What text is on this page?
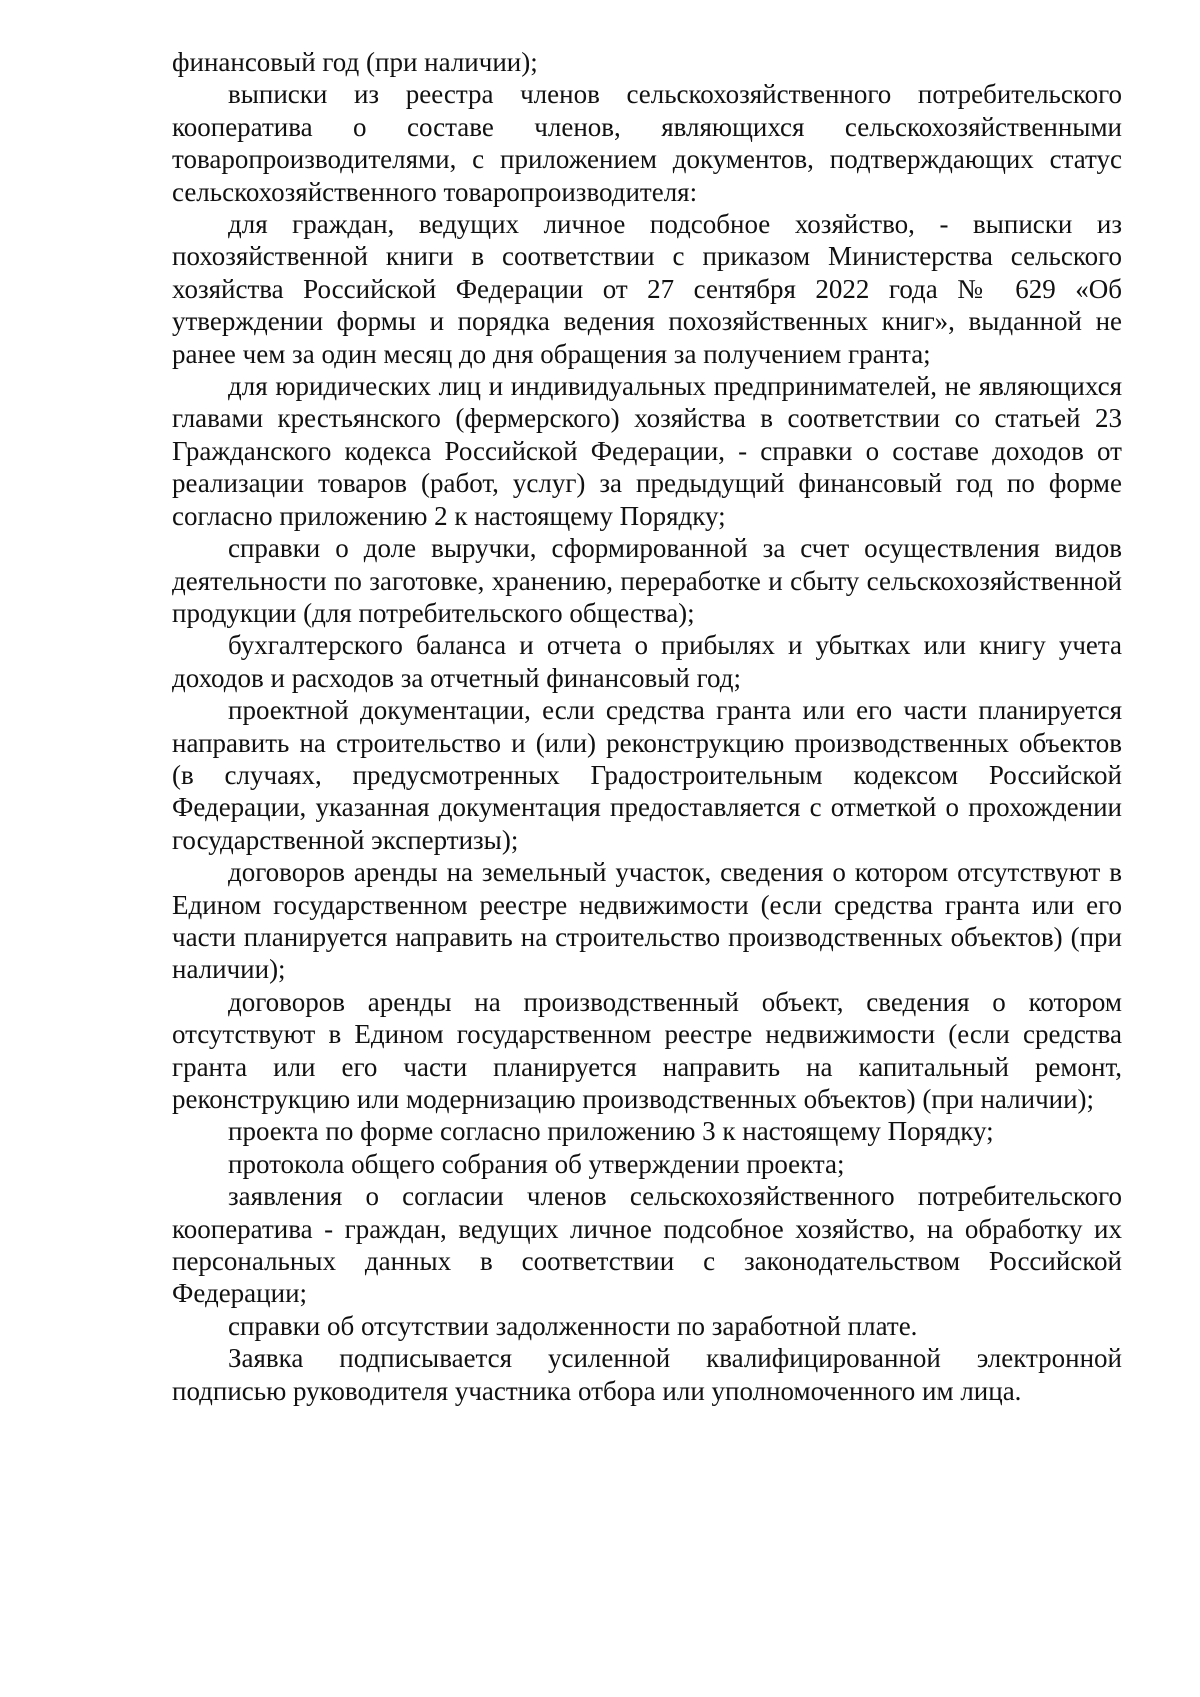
финансовый год (при наличии);

выписки из реестра членов сельскохозяйственного потребительского кооператива о составе членов, являющихся сельскохозяйственными товаропроизводителями, с приложением документов, подтверждающих статус сельскохозяйственного товаропроизводителя:

для граждан, ведущих личное подсобное хозяйство, - выписки из похозяйственной книги в соответствии с приказом Министерства сельского хозяйства Российской Федерации от 27 сентября 2022 года № 629 «Об утверждении формы и порядка ведения похозяйственных книг», выданной не ранее чем за один месяц до дня обращения за получением гранта;

для юридических лиц и индивидуальных предпринимателей, не являющихся главами крестьянского (фермерского) хозяйства в соответствии со статьей 23 Гражданского кодекса Российской Федерации, - справки о составе доходов от реализации товаров (работ, услуг) за предыдущий финансовый год по форме согласно приложению 2 к настоящему Порядку;

справки о доле выручки, сформированной за счет осуществления видов деятельности по заготовке, хранению, переработке и сбыту сельскохозяйственной продукции (для потребительского общества);

бухгалтерского баланса и отчета о прибылях и убытках или книгу учета доходов и расходов за отчетный финансовый год;

проектной документации, если средства гранта или его части планируется направить на строительство и (или) реконструкцию производственных объектов (в случаях, предусмотренных Градостроительным кодексом Российской Федерации, указанная документация предоставляется с отметкой о прохождении государственной экспертизы);

договоров аренды на земельный участок, сведения о котором отсутствуют в Едином государственном реестре недвижимости (если средства гранта или его части планируется направить на строительство производственных объектов) (при наличии);

договоров аренды на производственный объект, сведения о котором отсутствуют в Едином государственном реестре недвижимости (если средства гранта или его части планируется направить на капитальный ремонт, реконструкцию или модернизацию производственных объектов) (при наличии);

проекта по форме согласно приложению 3 к настоящему Порядку;

протокола общего собрания об утверждении проекта;

заявления о согласии членов сельскохозяйственного потребительского кооператива - граждан, ведущих личное подсобное хозяйство, на обработку их персональных данных в соответствии с законодательством Российской Федерации;

справки об отсутствии задолженности по заработной плате.

Заявка подписывается усиленной квалифицированной электронной подписью руководителя участника отбора или уполномоченного им лица.
